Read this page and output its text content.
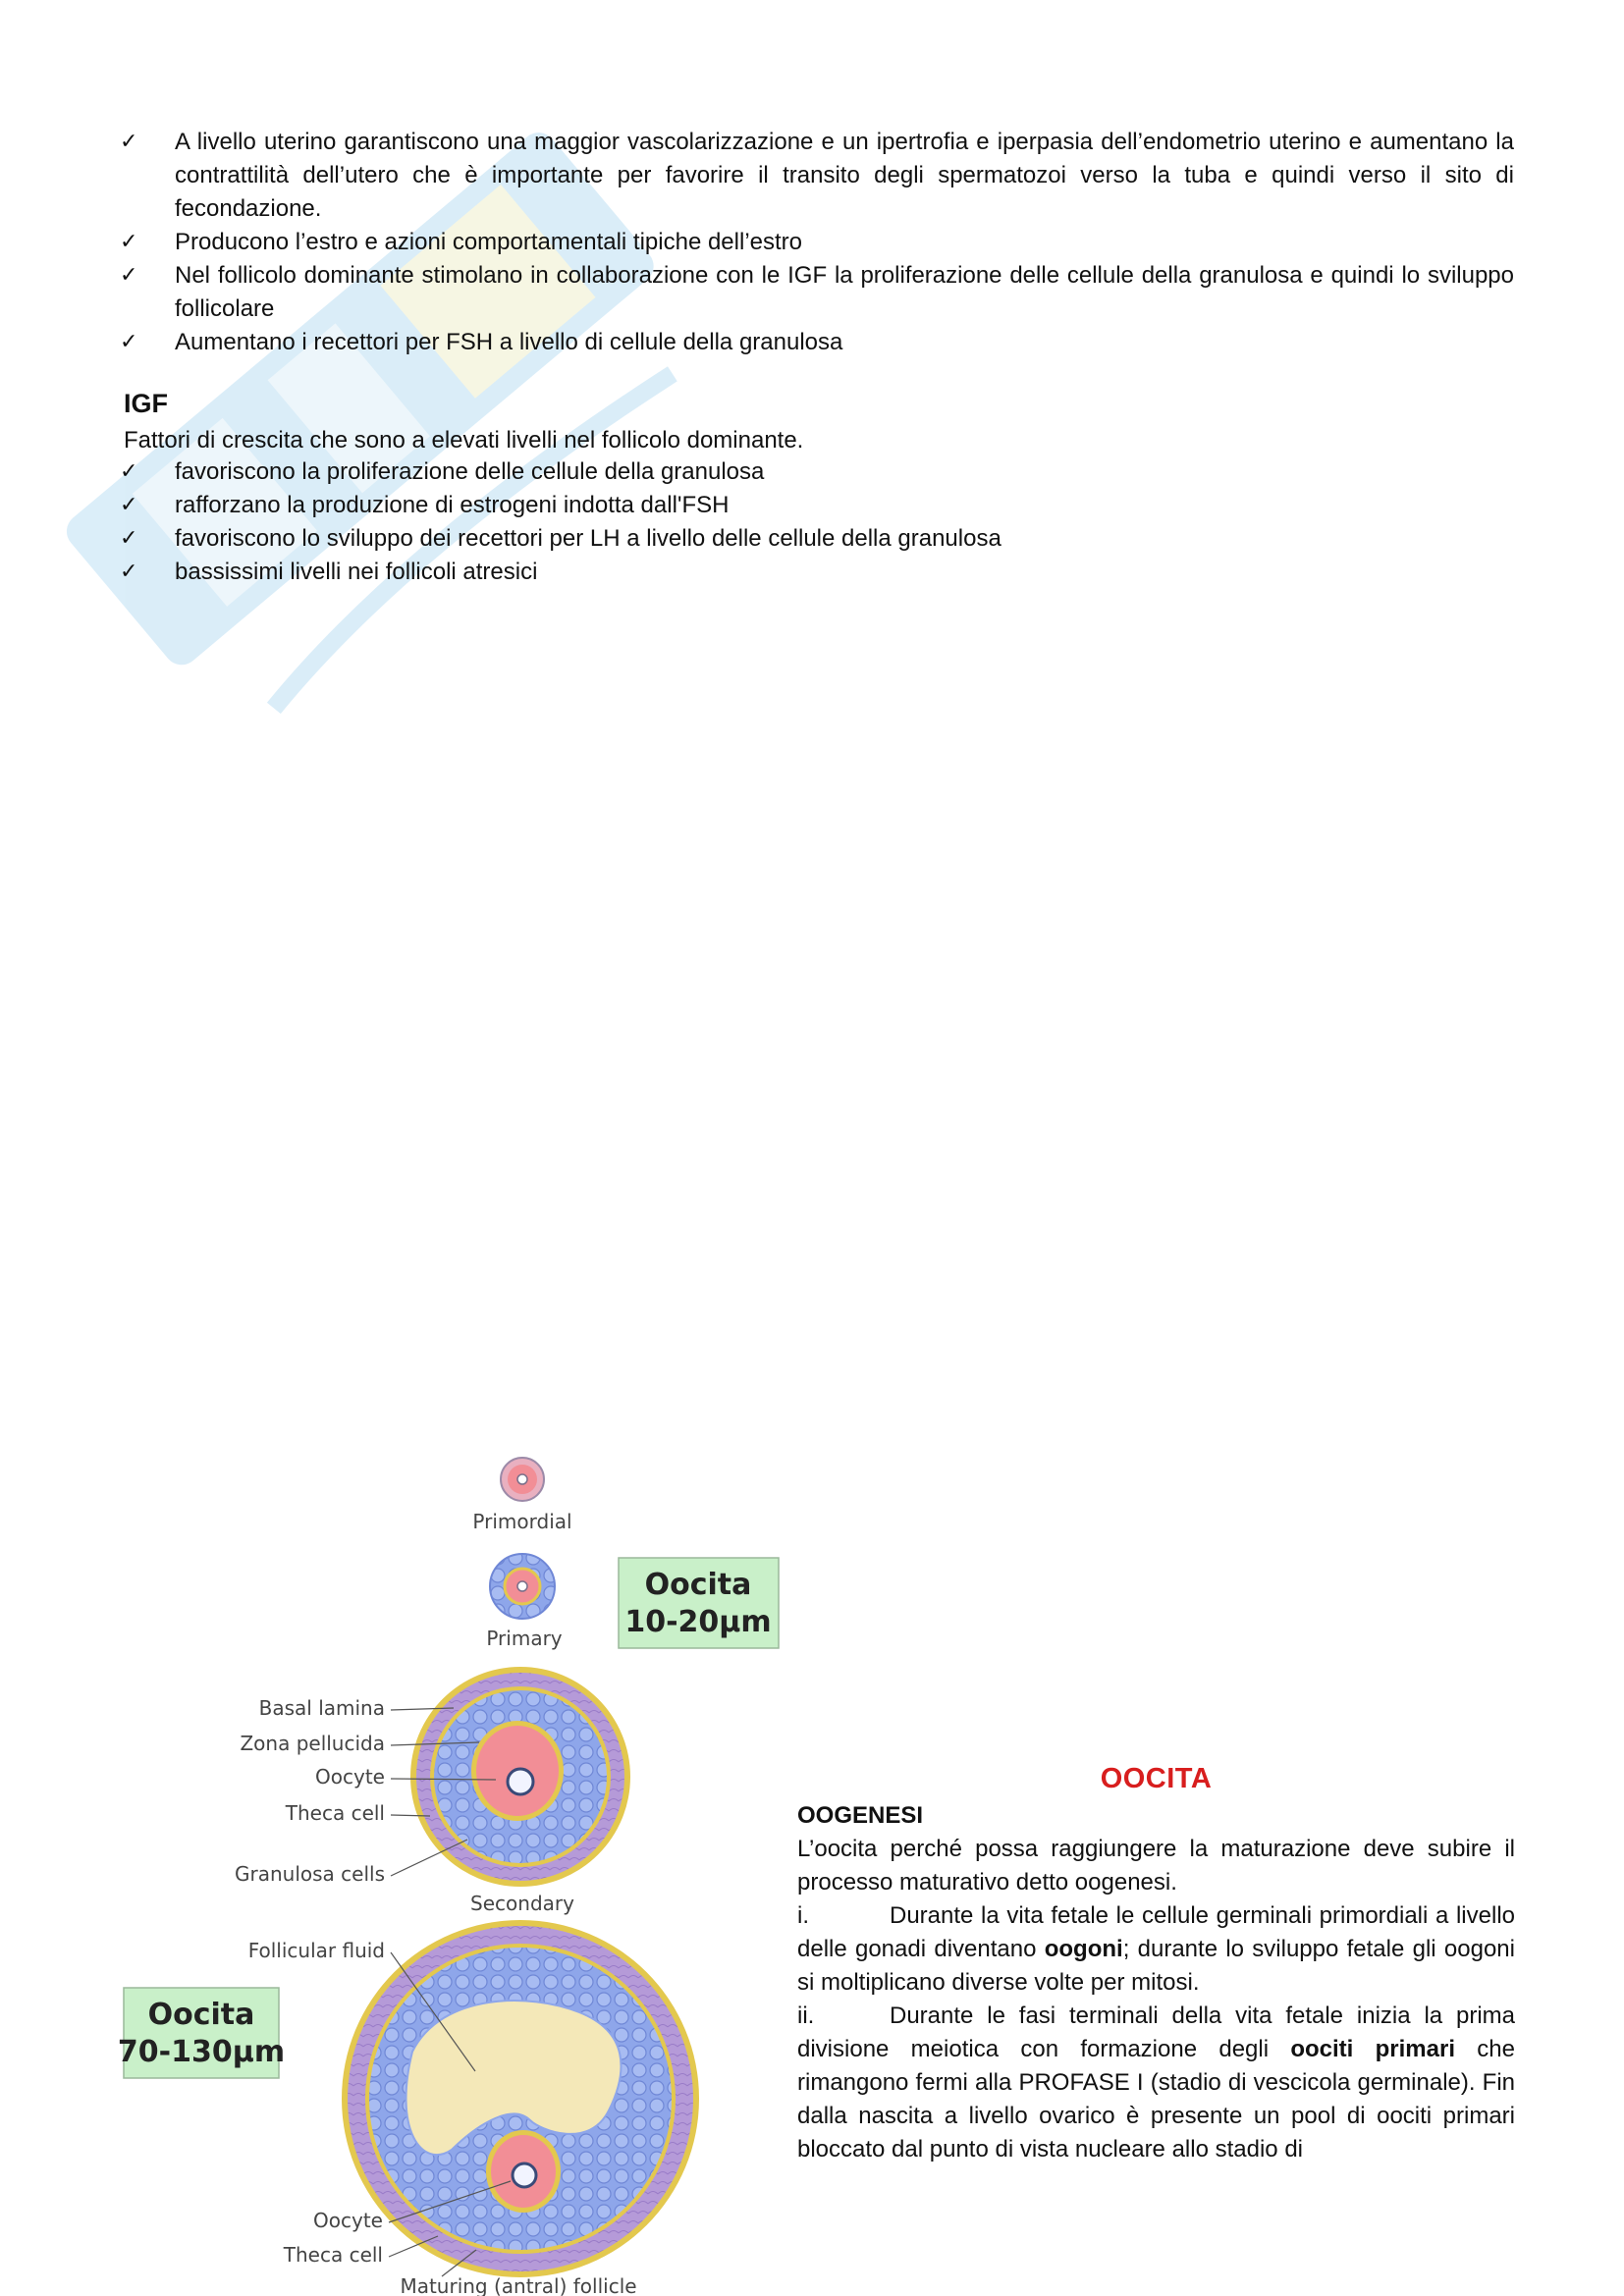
✓ A livello uterino garantiscono una maggior vascolarizzazione e un ipertrofia e iperpasia dell’endometrio uterino e aumentano la contrattilità dell’utero che è importante per favorire il transito degli spermatozoi verso la tuba e quindi verso il sito di fecondazione.
✓ Producono l’estro e azioni comportamentali tipiche dell’estro
✓ Nel follicolo dominante stimolano in collaborazione con le IGF la proliferazione delle cellule della granulosa e quindi lo sviluppo follicolare
✓ Aumentano i recettori per FSH a livello di cellule della granulosa
IGF

Fattori di crescita che sono a elevati livelli nel follicolo dominante.

✓ favoriscono la proliferazione delle cellule della granulosa
✓ rafforzano la produzione di estrogeni indotta dall'FSH
✓ favoriscono lo sviluppo dei recettori per LH a livello delle cellule della granulosa
✓ bassissimi livelli nei follicoli atresici
Primordial
Primary
Oocita
10-20µm
Secondary
Basal lamina
Zona pellucida
Oocyte
Theca cell
Granulosa cells
Maturing (antral) follicle
Follicular fluid
Oocyte
Theca cell
Oocita
70-130µm
OOCITA

OOGENESI

L’oocita perché possa raggiungere la maturazione deve subire il processo maturativo detto oogenesi.

i.	Durante la vita fetale le cellule germinali primordiali a livello delle gonadi diventano oogoni; durante lo sviluppo fetale gli oogoni si moltiplicano diverse volte per mitosi.

ii.	Durante le fasi terminali della vita fetale inizia la prima divisione meiotica con formazione degli oociti primari che rimangono fermi alla PROFASE I (stadio di vescicola germinale). Fin dalla nascita a livello ovarico è presente un pool di oociti primari bloccato dal punto di vista nucleare allo stadio di
